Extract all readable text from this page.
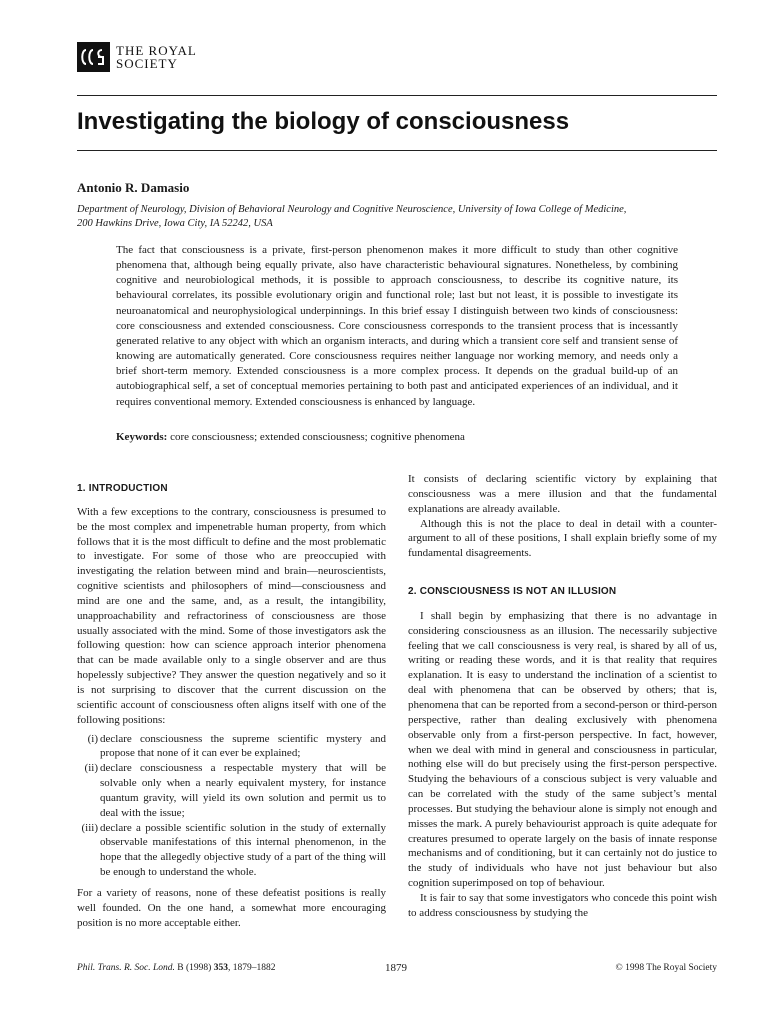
THE ROYAL
SOCIETY
Investigating the biology of consciousness
Antonio R. Damasio
Department of Neurology, Division of Behavioral Neurology and Cognitive Neuroscience, University of Iowa College of Medicine,
200 Hawkins Drive, Iowa City, IA 52242, USA
The fact that consciousness is a private, first-person phenomenon makes it more difficult to study than other cognitive phenomena that, although being equally private, also have characteristic behavioural signatures. Nonetheless, by combining cognitive and neurobiological methods, it is possible to approach consciousness, to describe its cognitive nature, its behavioural correlates, its possible evolutionary origin and functional role; last but not least, it is possible to investigate its neuroanatomical and neurophysiological underpinnings. In this brief essay I distinguish between two kinds of consciousness: core consciousness and extended consciousness. Core consciousness corresponds to the transient process that is incessantly generated relative to any object with which an organism interacts, and during which a transient core self and transient sense of knowing are automatically generated. Core consciousness requires neither language nor working memory, and needs only a brief short-term memory. Extended consciousness is a more complex process. It depends on the gradual build-up of an autobiographical self, a set of conceptual memories pertaining to both past and anticipated experiences of an individual, and it requires conventional memory. Extended consciousness is enhanced by language.
Keywords: core consciousness; extended consciousness; cognitive phenomena

1. INTRODUCTION

With a few exceptions to the contrary, consciousness is presumed to be the most complex and impenetrable human property, from which follows that it is the most difficult to define and the most problematic to investigate. For some of those who are preoccupied with investigating the relation between mind and brain—neuroscientists, cognitive scientists and philosophers of mind—consciousness and mind are one and the same, and, as a result, the intangibility, unapproachability and refractoriness of consciousness are those usually associated with the mind. Some of those investigators ask the following question: how can science approach interior phenomena that can be made available only to a single observer and are thus hopelessly subjective? They answer the question negatively and so it is not surprising to discover that the current discussion on the scientific account of consciousness often aligns itself with one of the following positions:

(i) declare consciousness the supreme scientific mystery and propose that none of it can ever be explained;
(ii) declare consciousness a respectable mystery that will be solvable only when a nearly equivalent mystery, for instance quantum gravity, will yield its own solution and permit us to deal with the issue;
(iii) declare a possible scientific solution in the study of externally observable manifestations of this internal phenomenon, in the hope that the allegedly objective study of a part of the thing will be enough to understand the whole.

For a variety of reasons, none of these defeatist positions is really well founded. On the one hand, a somewhat more encouraging position is no more acceptable either.

It consists of declaring scientific victory by explaining that consciousness was a mere illusion and that the fundamental explanations are already available.

Although this is not the place to deal in detail with a counter-argument to all of these positions, I shall explain briefly some of my fundamental disagreements.

2. CONSCIOUSNESS IS NOT AN ILLUSION

I shall begin by emphasizing that there is no advantage in considering consciousness as an illusion. The necessarily subjective feeling that we call consciousness is very real, is shared by all of us, writing or reading these words, and it is that reality that requires explanation. It is easy to understand the inclination of a scientist to deal with phenomena that can be observed by others; that is, phenomena that can be reported from a second-person or third-person perspective, rather than dealing exclusively with phenomena observable only from a first-person perspective. In fact, however, when we deal with mind in general and consciousness in particular, nothing else will do but precisely using the first-person perspective. Studying the behaviours of a conscious subject is very valuable and can be correlated with the study of the same subject’s mental processes. But studying the behaviour alone is simply not enough and misses the mark. A purely behaviourist approach is quite adequate for creatures presumed to operate largely on the basis of innate response mechanisms and of conditioning, but it can certainly not do justice to the study of individuals who have not just behaviour but also cognition superimposed on top of behaviour.

It is fair to say that some investigators who concede this point wish to address consciousness by studying the

Phil. Trans. R. Soc. Lond. B (1998) 353, 1879–1882	1879	© 1998 The Royal Society
